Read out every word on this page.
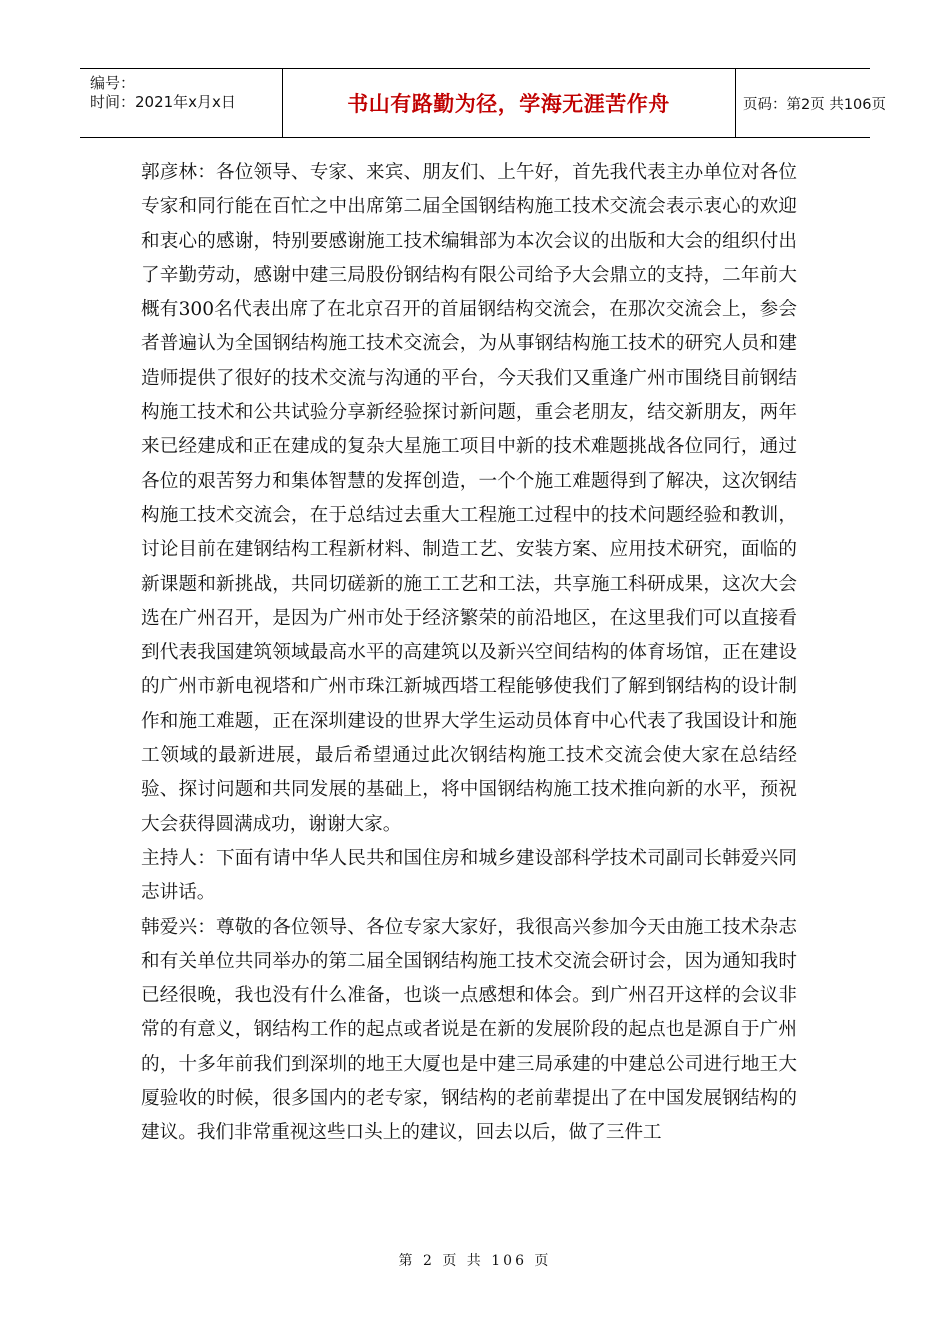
编号：
时间：2021年x月x日	书山有路勤为径，学海无涯苦作舟	页码：第2页 共106页

郭彦林：各位领导、专家、来宾、朋友们、上午好，首先我代表主办单位对各位专家和同行能在百忙之中出席第二届全国钢结构施工技术交流会表示衷心的欢迎和衷心的感谢，特别要感谢施工技术编辑部为本次会议的出版和大会的组织付出了辛勤劳动，感谢中建三局股份钢结构有限公司给予大会鼎立的支持，二年前大概有300名代表出席了在北京召开的首届钢结构交流会，在那次交流会上，参会者普遍认为全国钢结构施工技术交流会，为从事钢结构施工技术的研究人员和建造师提供了很好的技术交流与沟通的平台，今天我们又重逢广州市围绕目前钢结构施工技术和公共试验分享新经验探讨新问题，重会老朋友，结交新朋友，两年来已经建成和正在建成的复杂大星施工项目中新的技术难题挑战各位同行，通过各位的艰苦努力和集体智慧的发挥创造，一个个施工难题得到了解决，这次钢结构施工技术交流会，在于总结过去重大工程施工过程中的技术问题经验和教训，讨论目前在建钢结构工程新材料、制造工艺、安装方案、应用技术研究，面临的新课题和新挑战，共同切磋新的施工工艺和工法，共享施工科研成果，这次大会选在广州召开，是因为广州市处于经济繁荣的前沿地区，在这里我们可以直接看到代表我国建筑领域最高水平的高建筑以及新兴空间结构的体育场馆，正在建设的广州市新电视塔和广州市珠江新城西塔工程能够使我们了解到钢结构的设计制作和施工难题，正在深圳建设的世界大学生运动员体育中心代表了我国设计和施工领域的最新进展，最后希望通过此次钢结构施工技术交流会使大家在总结经验、探讨问题和共同发展的基础上，将中国钢结构施工技术推向新的水平，预祝大会获得圆满成功，谢谢大家。

主持人：下面有请中华人民共和国住房和城乡建设部科学技术司副司长韩爱兴同志讲话。

韩爱兴：尊敬的各位领导、各位专家大家好，我很高兴参加今天由施工技术杂志和有关单位共同举办的第二届全国钢结构施工技术交流会研讨会，因为通知我时已经很晚，我也没有什么准备，也谈一点感想和体会。到广州召开这样的会议非常的有意义，钢结构工作的起点或者说是在新的发展阶段的起点也是源自于广州的，十多年前我们到深圳的地王大厦也是中建三局承建的中建总公司进行地王大厦验收的时候，很多国内的老专家，钢结构的老前辈提出了在中国发展钢结构的建议。我们非常重视这些口头上的建议，回去以后，做了三件工

第 2 页 共 106 页
